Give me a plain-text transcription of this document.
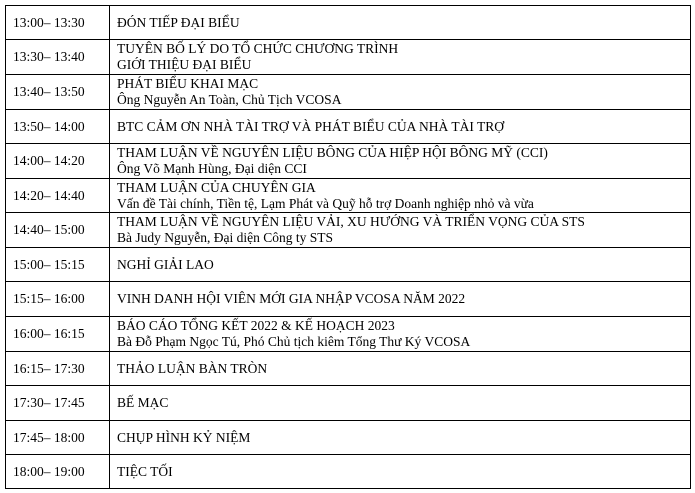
13:00– 13:30	ĐÓN TIẾP ĐẠI BIỂU

13:30– 13:40	TUYÊN BỐ LÝ DO TỔ CHỨC CHƯƠNG TRÌNH
GIỚI THIỆU ĐẠI BIỂU

13:40– 13:50	PHÁT BIỂU KHAI MẠC
Ông Nguyễn An Toàn, Chủ Tịch VCOSA

13:50– 14:00	BTC CẢM ƠN NHÀ TÀI TRỢ VÀ PHÁT BIỂU CỦA NHÀ TÀI TRỢ

14:00– 14:20	THAM LUẬN VỀ NGUYÊN LIỆU BÔNG CỦA HIỆP HỘI BÔNG MỸ (CCI)
Ông Võ Mạnh Hùng, Đại diện CCI

14:20– 14:40	THAM LUẬN CỦA CHUYÊN GIA
Vấn đề Tài chính, Tiền tệ, Lạm Phát và Quỹ hỗ trợ Doanh nghiệp nhỏ và vừa

14:40– 15:00	THAM LUẬN VỀ NGUYÊN LIỆU VẢI, XU HƯỚNG VÀ TRIỂN VỌNG CỦA STS
Bà Judy Nguyễn, Đại diện Công ty STS

15:00– 15:15	NGHỈ GIẢI LAO

15:15– 16:00	VINH DANH HỘI VIÊN MỚI GIA NHẬP VCOSA NĂM 2022

16:00– 16:15	BÁO CÁO TỔNG KẾT 2022 & KẾ HOẠCH 2023
Bà Đỗ Phạm Ngọc Tú, Phó Chủ tịch kiêm Tổng Thư Ký VCOSA

16:15– 17:30	THẢO LUẬN BÀN TRÒN

17:30– 17:45	BẾ MẠC

17:45– 18:00	CHỤP HÌNH KỶ NIỆM

18:00– 19:00	TIỆC TỐI
